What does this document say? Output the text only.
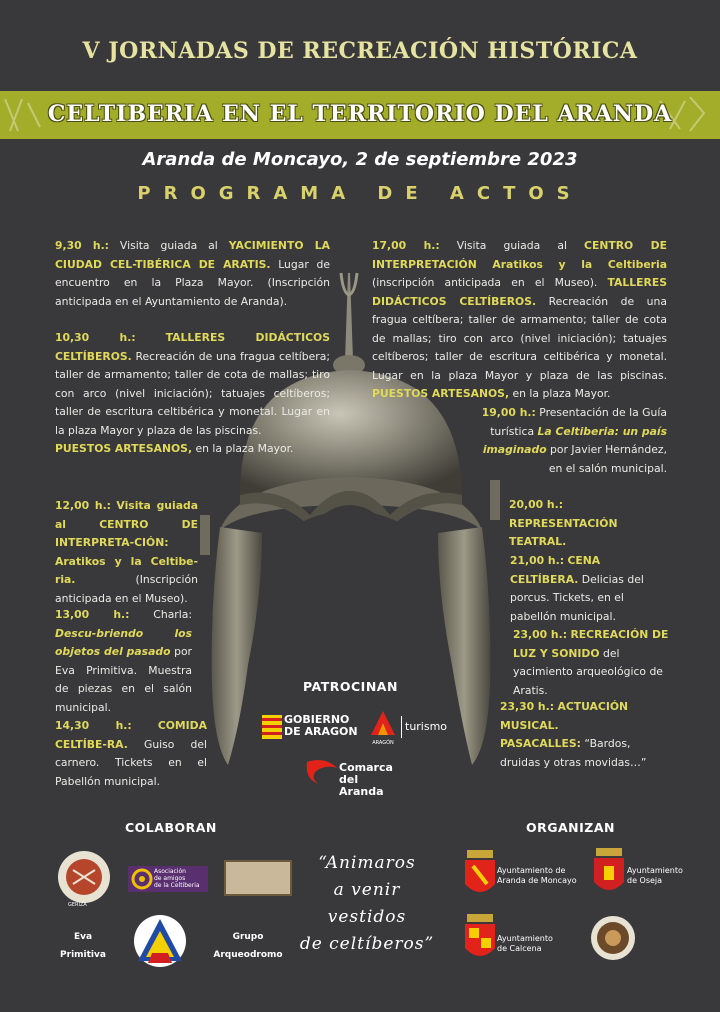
V JORNADAS DE RECREACIÓN HISTÓRICA
CELTIBERIA EN EL TERRITORIO DEL ARANDA
Aranda de Moncayo, 2 de septiembre 2023
PROGRAMA DE ACTOS
9,30 h.: Visita guiada al YACIMIENTO LA CIUDAD CEL-TIBÉRICA DE ARATIS. Lugar de encuentro en la Plaza Mayor. (Inscripción anticipada en el Ayuntamiento de Aranda).
10,30 h.:	TALLERES DIDÁCTICOS CELTÍBEROS. Recreación de una fragua celtíbera; taller de armamento; taller de cota de mallas; tiro con arco (nivel iniciación); tatuajes celtíberos; taller de escritura celtibérica y monetal. Lugar en la plaza Mayor y plaza de las piscinas.
PUESTOS ARTESANOS, en la plaza Mayor.
12,00 h.: Visita guiada al CENTRO DE INTERPRETA-CIÓN: Aratikos y la Celtibe-ria. (Inscripción anticipada en el Museo).
13,00 h.: Charla: Descu-briendo los objetos del pasado por Eva Primitiva. Muestra de piezas en el salón municipal.
14,30 h.: COMIDA CELTÍBE-RA. Guiso del carnero. Tickets en el Pabellón municipal.
17,00 h.: Visita guiada al CENTRO DE INTERPRETACIÓN Aratikos y la Celtiberia (inscripción anticipada en el Museo). TALLERES DIDÁCTICOS CELTÍBEROS. Recreación de una fragua celtíbera; taller de armamento; taller de cota de mallas; tiro con arco (nivel iniciación); tatuajes celtíberos; taller de escritura celtibérica y monetal. Lugar en la plaza Mayor y plaza de las piscinas. PUESTOS ARTESANOS, en la plaza Mayor.
19,00 h.: Presentación de la Guía turística La Celtiberia: un país imaginado por Javier Hernández, en el salón municipal.
20,00 h.: REPRESENTACIÓN TEATRAL.
21,00 h.: CENA CELTÍBERA. Delicias del porcus. Tickets, en el pabellón municipal.
23,00 h.: RECREACIÓN DE LUZ Y SONIDO del yacimiento arqueológico de Aratis.
23,30 h.: ACTUACIÓN MUSICAL.
PASACALLES: “Bardos, druidas y otras movidas…”
PATROCINAN
GOBIERNO DE ARAGON
ARAGÓN
turismo
Comarca
del Aranda
COLABORAN
GERIZA
Asociación
de amigos
de la Celtiberia
Eva
Primitiva
Grupo
Arqueodromo
“Animaros
a venir
vestidos
de celtíberos”
ORGANIZAN
Ayuntamiento de
Aranda de Moncayo
Ayuntamiento
de Oseja
Ayuntamiento
de Calcena
